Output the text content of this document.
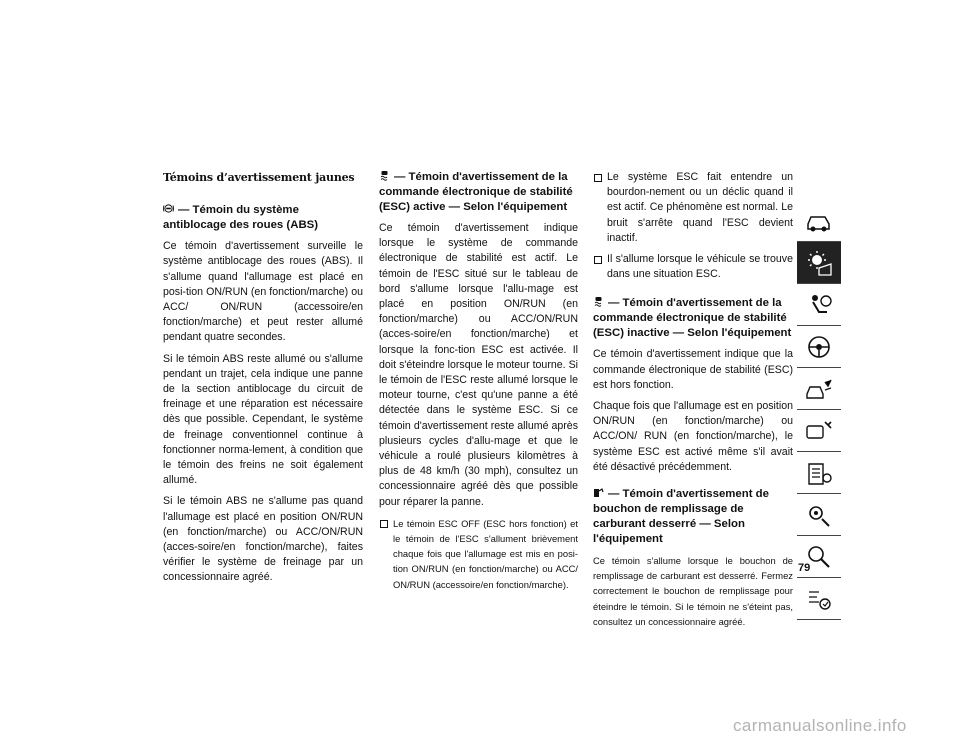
Témoins d’avertissement jaunes
— Témoin du système antiblocage des roues (ABS)

Ce témoin d'avertissement surveille le système antiblocage des roues (ABS). Il s'allume quand l'allumage est placé en posi-tion ON/RUN (en fonction/marche) ou ACC/ ON/RUN (accessoire/en fonction/marche) et peut rester allumé pendant quatre secondes.

Si le témoin ABS reste allumé ou s'allume pendant un trajet, cela indique une panne de la section antiblocage du circuit de freinage et une réparation est nécessaire dès que possible. Cependant, le système de freinage conventionnel continue à fonctionner norma-lement, à condition que le témoin des freins ne soit également allumé.

Si le témoin ABS ne s'allume pas quand l'allumage est placé en position ON/RUN (en fonction/marche) ou ACC/ON/RUN (acces-soire/en fonction/marche), faites vérifier le système de freinage par un concessionnaire agréé.

— Témoin d'avertissement de la commande électronique de stabilité (ESC) active — Selon l'équipement

Ce témoin d'avertissement indique lorsque le système de commande électronique de stabilité est actif. Le témoin de l'ESC situé sur le tableau de bord s'allume lorsque l'allu-mage est placé en position ON/RUN (en fonction/marche) ou ACC/ON/RUN (acces-soire/en fonction/marche) et lorsque la fonc-tion ESC est activée. Il doit s'éteindre lorsque le moteur tourne. Si le témoin de l'ESC reste allumé lorsque le moteur tourne, c'est qu'une panne a été détectée dans le système ESC. Si ce témoin d'avertissement reste allumé après plusieurs cycles d'allu-mage et que le véhicule a roulé plusieurs kilomètres à plus de 48 km/h (30 mph), consultez un concessionnaire agréé dès que possible pour réparer la panne.

Le témoin ESC OFF (ESC hors fonction) et le témoin de l'ESC s'allument brièvement chaque fois que l'allumage est mis en posi-tion ON/RUN (en fonction/marche) ou ACC/ ON/RUN (accessoire/en fonction/marche).
Le système ESC fait entendre un bourdon-nement ou un déclic quand il est actif. Ce phénomène est normal. Le bruit s'arrête quand l'ESC devient inactif.
Il s'allume lorsque le véhicule se trouve dans une situation ESC.
— Témoin d'avertissement de la commande électronique de stabilité (ESC) inactive — Selon l'équipement

Ce témoin d'avertissement indique que la commande électronique de stabilité (ESC) est hors fonction.

Chaque fois que l'allumage est en position ON/RUN (en fonction/marche) ou ACC/ON/ RUN (en fonction/marche), le système ESC est activé même s'il avait été désactivé précédemment.

— Témoin d'avertissement de bouchon de remplissage de carburant desserré — Selon l'équipement

Ce témoin s'allume lorsque le bouchon de remplissage de carburant est desserré. Fermez correctement le bouchon de remplissage pour éteindre le témoin. Si le témoin ne s'éteint pas, consultez un concessionnaire agréé.

79
carmanualsonline.info
